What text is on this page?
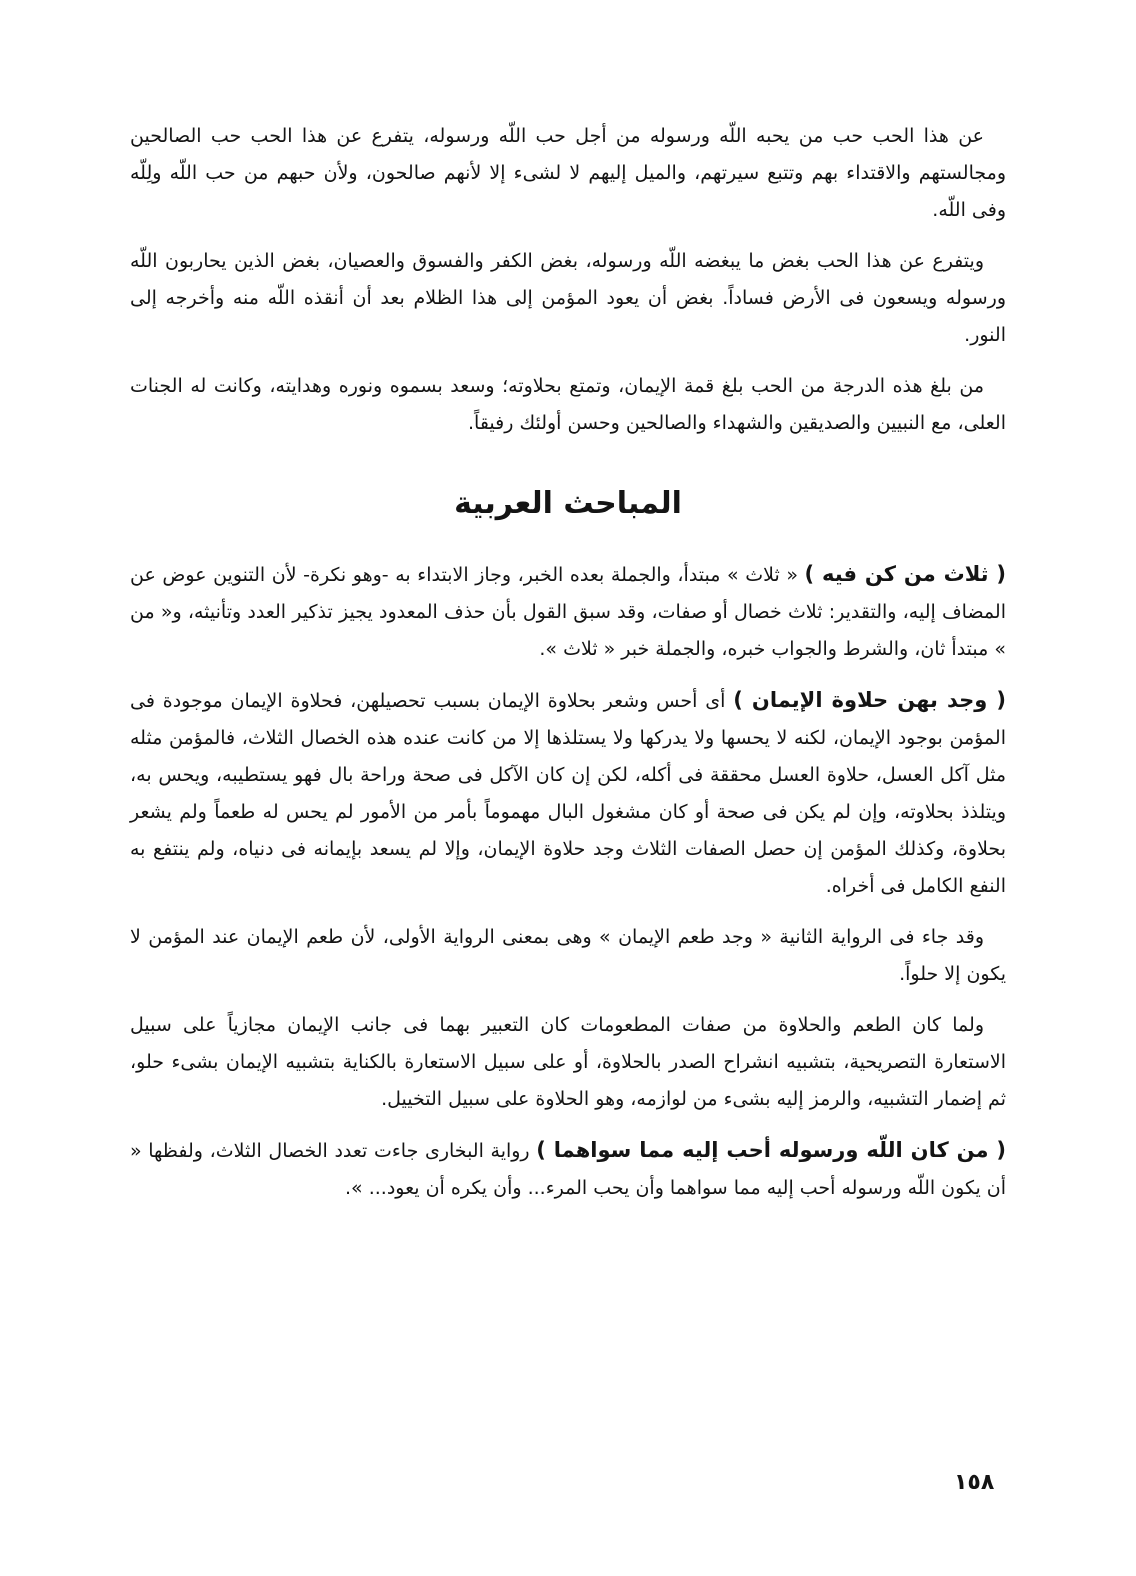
عن هذا الحب حب من يحبه اللّه ورسوله من أجل حب اللّه ورسوله، يتفرع عن هذا الحب حب الصالحين ومجالستهم والاقتداء بهم وتتبع سيرتهم، والميل إليهم لا لشىء إلا لأنهم صالحون، ولأن حبهم من حب اللّه ولِلّه وفى اللّه.

ويتفرع عن هذا الحب بغض ما يبغضه اللّه ورسوله، بغض الكفر والفسوق والعصيان، بغض الذين يحاربون اللّه ورسوله ويسعون فى الأرض فساداً. بغض أن يعود المؤمن إلى هذا الظلام بعد أن أنقذه اللّه منه وأخرجه إلى النور.

من بلغ هذه الدرجة من الحب بلغ قمة الإيمان، وتمتع بحلاوته؛ وسعد بسموه ونوره وهدايته، وكانت له الجنات العلى، مع النبيين والصديقين والشهداء والصالحين وحسن أولئك رفيقاً.

المباحث العربية

( ثلاث من كن فيه ) « ثلاث » مبتدأ، والجملة بعده الخبر، وجاز الابتداء به -وهو نكرة- لأن التنوين عوض عن المضاف إليه، والتقدير: ثلاث خصال أو صفات، وقد سبق القول بأن حذف المعدود يجيز تذكير العدد وتأنيثه، و« من » مبتدأ ثان، والشرط والجواب خبره، والجملة خبر « ثلاث ».

( وجد بهن حلاوة الإيمان ) أى أحس وشعر بحلاوة الإيمان بسبب تحصيلهن، فحلاوة الإيمان موجودة فى المؤمن بوجود الإيمان، لكنه لا يحسها ولا يدركها ولا يستلذها إلا من كانت عنده هذه الخصال الثلاث، فالمؤمن مثله مثل آكل العسل، حلاوة العسل محققة فى أكله، لكن إن كان الآكل فى صحة وراحة بال فهو يستطيبه، ويحس به، ويتلذذ بحلاوته، وإن لم يكن فى صحة أو كان مشغول البال مهموماً بأمر من الأمور لم يحس له طعماً ولم يشعر بحلاوة، وكذلك المؤمن إن حصل الصفات الثلاث وجد حلاوة الإيمان، وإلا لم يسعد بإيمانه فى دنياه، ولم ينتفع به النفع الكامل فى أخراه.

وقد جاء فى الرواية الثانية « وجد طعم الإيمان » وهى بمعنى الرواية الأولى، لأن طعم الإيمان عند المؤمن لا يكون إلا حلواً.

ولما كان الطعم والحلاوة من صفات المطعومات كان التعبير بهما فى جانب الإيمان مجازياً على سبيل الاستعارة التصريحية، بتشبيه انشراح الصدر بالحلاوة، أو على سبيل الاستعارة بالكناية بتشبيه الإيمان بشىء حلو، ثم إضمار التشبيه، والرمز إليه بشىء من لوازمه، وهو الحلاوة على سبيل التخييل.

( من كان اللّه ورسوله أحب إليه مما سواهما ) رواية البخارى جاءت تعدد الخصال الثلاث، ولفظها « أن يكون اللّه ورسوله أحب إليه مما سواهما وأن يحب المرء... وأن يكره أن يعود... ».

١٥٨
